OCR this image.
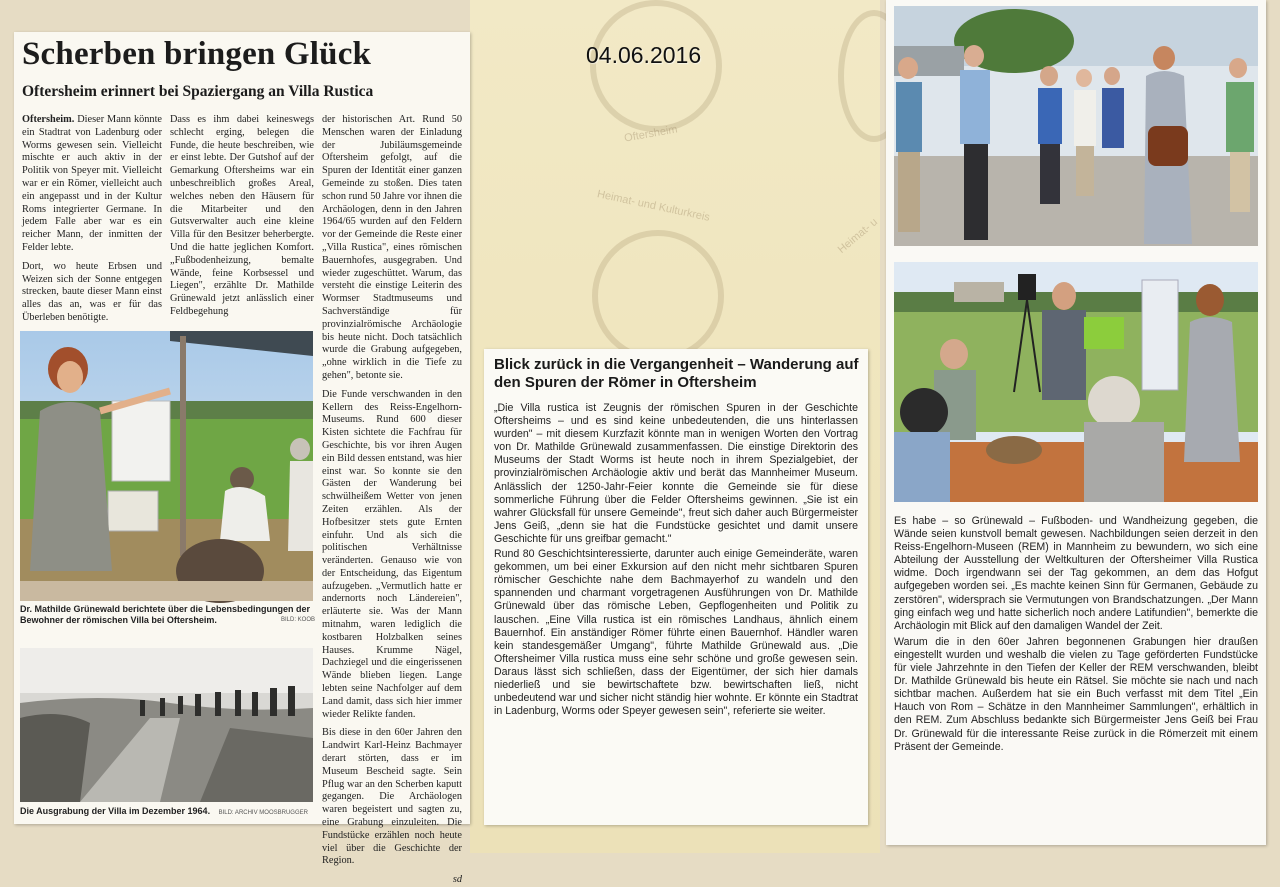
Oftersheim
Heimat- und Kulturkreis
Heimat- u
04.06.2016
Scherben bringen Glück
Oftersheim erinnert bei Spaziergang an Villa Rustica

Oftersheim. Dieser Mann könnte ein Stadtrat von Ladenburg oder Worms gewesen sein. Vielleicht mischte er auch aktiv in der Politik von Speyer mit. Vielleicht war er ein Römer, vielleicht auch ein angepasst und in der Kultur Roms integrierter Germane. In jedem Falle aber war es ein reicher Mann, der inmitten der Felder lebte.

Dort, wo heute Erbsen und Weizen sich der Sonne entgegen strecken, baute dieser Mann einst alles das an, was er für das Überleben benötigte.

Dass es ihm dabei keineswegs schlecht erging, belegen die Funde, die heute beschreiben, wie er einst lebte. Der Gutshof auf der Gemarkung Oftersheims war ein unbeschreiblich großes Areal, welches neben den Häusern für die Mitarbeiter und den Gutsverwalter auch eine kleine Villa für den Besitzer beherbergte. Und die hatte jeglichen Komfort. „Fußbodenheizung, bemalte Wände, feine Korbsessel und Liegen", erzählte Dr. Mathilde Grünewald jetzt anlässlich einer Feldbegehung

der historischen Art. Rund 50 Menschen waren der Einladung der Jubiläumsgemeinde Oftersheim gefolgt, auf die Spuren der Identität einer ganzen Gemeinde zu stoßen. Dies taten schon rund 50 Jahre vor ihnen die Archäologen, denn in den Jahren 1964/65 wurden auf den Feldern vor der Gemeinde die Reste einer „Villa Rustica", eines römischen Bauernhofes, ausgegraben. Und wieder zugeschüttet. Warum, das versteht die einstige Leiterin des Wormser Stadtmuseums und Sachverständige für provinzialrömische Archäologie bis heute nicht. Doch tatsächlich wurde die Grabung aufgegeben, „ohne wirklich in die Tiefe zu gehen", betonte sie.

Die Funde verschwanden in den Kellern des Reiss-Engelhorn-Museums. Rund 600 dieser Kisten sichtete die Fachfrau für Geschichte, bis vor ihren Augen ein Bild dessen entstand, was hier einst war. So konnte sie den Gästen der Wanderung bei schwülheißem Wetter von jenen Zeiten erzählen. Als der Hofbesitzer stets gute Ernten einfuhr. Und als sich die politischen Verhältnisse veränderten. Genauso wie von der Entscheidung, das Eigentum aufzugeben. „Vermutlich hatte er andernorts noch Ländereien", erläuterte sie. Was der Mann mitnahm, waren lediglich die kostbaren Holzbalken seines Hauses. Krumme Nägel, Dachziegel und die eingerissenen Wände blieben liegen. Lange lebten seine Nachfolger auf dem Land damit, dass sich hier immer wieder Relikte fanden.

Bis diese in den 60er Jahren den Landwirt Karl-Heinz Bachmayer derart störten, dass er im Museum Bescheid sagte. Sein Pflug war an den Scherben kaputt gegangen. Die Archäologen waren begeistert und sagten zu, eine Grabung einzuleiten. Die Fundstücke erzählen noch heute viel über die Geschichte der Region.

sd

Dr. Mathilde Grünewald berichtete über die Lebensbedingungen der Bewohner der römischen Villa bei Oftersheim.	BILD: KOOB
Die Ausgrabung der Villa im Dezember 1964. BILD: ARCHIV MOOSBRUGGER
Blick zurück in die Vergangenheit – Wanderung auf den Spuren der Römer in Oftersheim

„Die Villa rustica ist Zeugnis der römischen Spuren in der Geschichte Oftersheims – und es sind keine unbedeutenden, die uns hinterlassen wurden" – mit diesem Kurzfazit könnte man in wenigen Worten den Vortrag von Dr. Mathilde Grünewald zusammenfassen. Die einstige Direktorin des Museums der Stadt Worms ist heute noch in ihrem Spezialgebiet, der provinzialrömischen Archäologie aktiv und berät das Mannheimer Museum. Anlässlich der 1250-Jahr-Feier konnte die Gemeinde sie für diese sommerliche Führung über die Felder Oftersheims gewinnen. „Sie ist ein wahrer Glücksfall für unsere Gemeinde", freut sich daher auch Bürgermeister Jens Geiß, „denn sie hat die Fundstücke gesichtet und damit unsere Geschichte für uns greifbar gemacht."

Rund 80 Geschichtsinteressierte, darunter auch einige Gemeinderäte, waren gekommen, um bei einer Exkursion auf den nicht mehr sichtbaren Spuren römischer Geschichte nahe dem Bachmayerhof zu wandeln und den spannenden und charmant vorgetragenen Ausführungen von Dr. Mathilde Grünewald über das römische Leben, Gepflogenheiten und Politik zu lauschen. „Eine Villa rustica ist ein römisches Landhaus, ähnlich einem Bauernhof. Ein anständiger Römer führte einen Bauernhof. Händler waren kein standesgemäßer Umgang", führte Mathilde Grünewald aus. „Die Oftersheimer Villa rustica muss eine sehr schöne und große gewesen sein. Daraus lässt sich schließen, dass der Eigentümer, der sich hier damals niederließ und sie bewirtschaftete bzw. bewirtschaften ließ, nicht unbedeutend war und sicher nicht ständig hier wohnte. Er könnte ein Stadtrat in Ladenburg, Worms oder Speyer gewesen sein", referierte sie weiter.

Es habe – so Grünewald – Fußboden- und Wandheizung gegeben, die Wände seien kunstvoll bemalt gewesen. Nachbildungen seien derzeit in den Reiss-Engelhorn-Museen (REM) in Mannheim zu bewundern, wo sich eine Abteilung der Ausstellung der Weltkulturen der Oftersheimer Villa Rustica widme. Doch irgendwann sei der Tag gekommen, an dem das Hofgut aufgegeben worden sei. „Es machte keinen Sinn für Germanen, Gebäude zu zerstören", widersprach sie Vermutungen von Brandschatzungen. „Der Mann ging einfach weg und hatte sicherlich noch andere Latifundien", bemerkte die Archäologin mit Blick auf den damaligen Wandel der Zeit.

Warum die in den 60er Jahren begonnenen Grabungen hier draußen eingestellt wurden und weshalb die vielen zu Tage geförderten Fundstücke für viele Jahrzehnte in den Tiefen der Keller der REM verschwanden, bleibt Dr. Mathilde Grünewald bis heute ein Rätsel. Sie möchte sie nach und nach sichtbar machen. Außerdem hat sie ein Buch verfasst mit dem Titel „Ein Hauch von Rom – Schätze in den Mannheimer Sammlungen", erhältlich in den REM. Zum Abschluss bedankte sich Bürgermeister Jens Geiß bei Frau Dr. Grünewald für die interessante Reise zurück in die Römerzeit mit einem Präsent der Gemeinde.
